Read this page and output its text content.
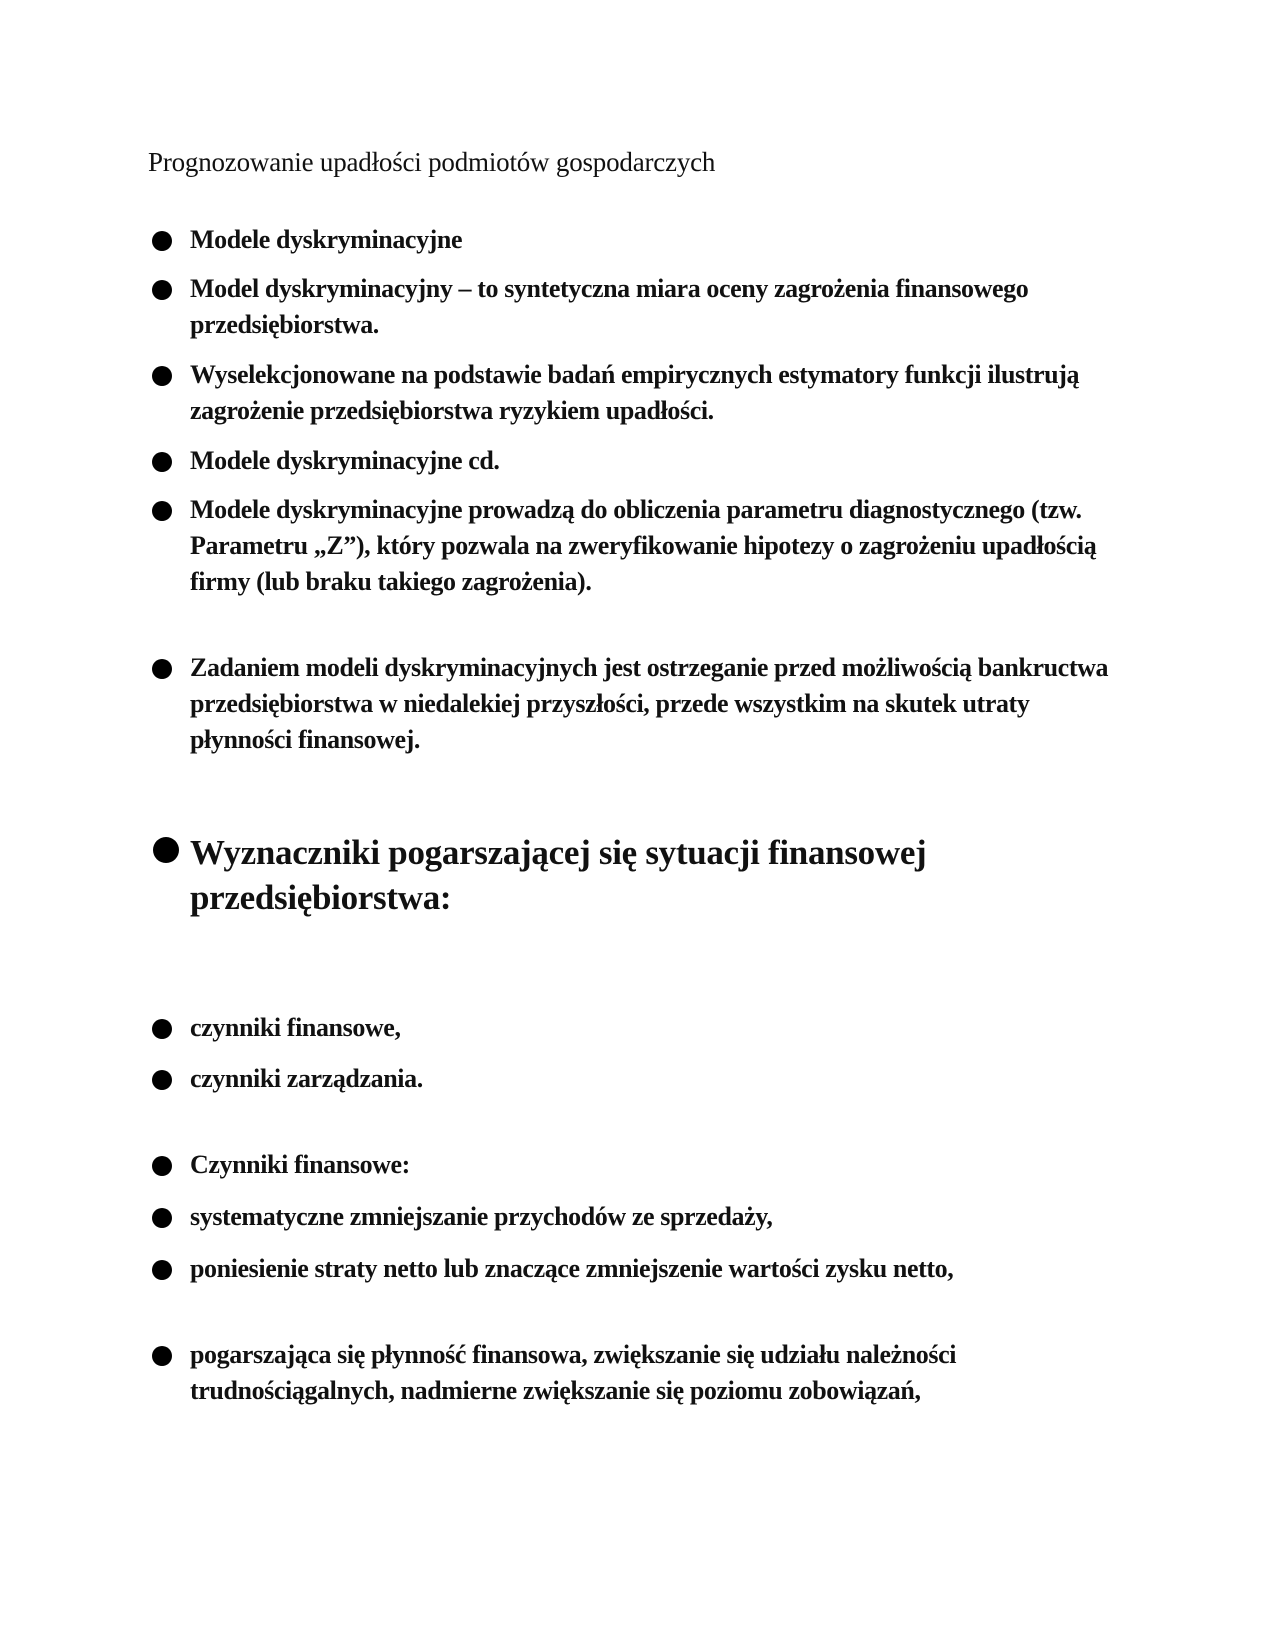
Prognozowanie upadłości podmiotów gospodarczych
Modele dyskryminacyjne
Model dyskryminacyjny – to syntetyczna miara oceny zagrożenia finansowego przedsiębiorstwa.
Wyselekcjonowane na podstawie badań empirycznych estymatory funkcji ilustrują zagrożenie przedsiębiorstwa ryzykiem upadłości.
Modele dyskryminacyjne cd.
Modele dyskryminacyjne prowadzą do obliczenia parametru diagnostycznego (tzw. Parametru „Z”), który pozwala na zweryfikowanie hipotezy o zagrożeniu upadłością firmy (lub braku takiego zagrożenia).
Zadaniem modeli dyskryminacyjnych jest ostrzeganie przed możliwością bankructwa przedsiębiorstwa w niedalekiej przyszłości, przede wszystkim na skutek utraty płynności finansowej.
Wyznaczniki pogarszającej się sytuacji finansowej przedsiębiorstwa:
czynniki finansowe,
czynniki zarządzania.
Czynniki finansowe:
systematyczne zmniejszanie przychodów ze sprzedaży,
poniesienie straty netto lub znaczące zmniejszenie wartości zysku netto,
pogarszająca się płynność finansowa, zwiększanie się udziału należności trudnościągalnych, nadmierne zwiększanie się poziomu zobowiązań,
